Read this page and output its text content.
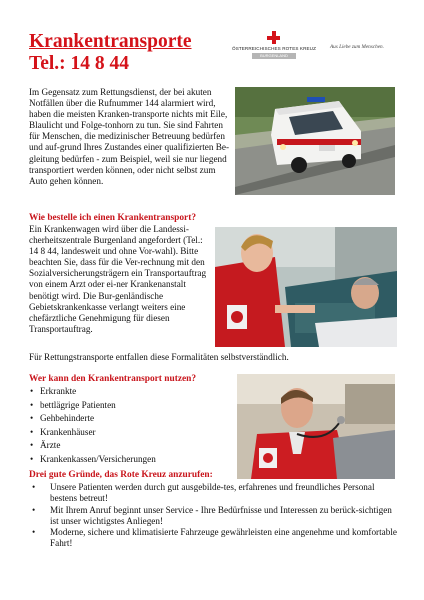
Krankentransporte
Tel.: 14 8 44
ÖSTERREICHISCHES ROTES KREUZ
BURGENLAND
Aus Liebe zum Menschen.

Im Gegensatz zum Rettungsdienst, der bei akuten Notfällen über die Rufnummer 144 alarmiert wird, haben die meisten Kranken-transporte nichts mit Eile, Blaulicht und Folge-tonhorn zu tun. Sie sind Fahrten für Menschen, die medizinischer Betreuung bedürfen und auf-grund Ihres Zustandes einer qualifizierten Be-gleitung bedürfen - zum Beispiel, weil sie nur liegend transportiert werden können, oder nicht selbst zum Auto gehen können.

Wie bestelle ich einen Krankentransport?

Ein Krankenwagen wird über die Landessi-cherheitszentrale Burgenland angefordert (Tel.: 14 8 44, landesweit und ohne Vor-wahl). Bitte beachten Sie, dass für die Ver-rechnung mit den Sozialversicherungsträgern ein Transportauftrag von einem Arzt oder ei-ner Krankenanstalt benötigt wird. Die Bur-genländische Gebietskrankenkasse verlangt weiters eine chefärztliche Genehmigung für diesen Transportauftrag.

Für Rettungstransporte entfallen diese Formalitäten selbstverständlich.

Wer kann den Krankentransport nutzen?
• Erkrankte
• bettlägrige Patienten
• Gehbehinderte
• Krankenhäuser
• Ärzte
• Krankenkassen/Versicherungen
Drei gute Gründe, das Rote Kreuz anzurufen:
• Unsere Patienten werden durch gut ausgebilde-tes, erfahrenes und freundliches Personal bestens betreut!
• Mit Ihrem Anruf beginnt unser Service - Ihre Bedürfnisse und Interessen zu berück-sichtigen ist unser wichtigstes Anliegen!
• Moderne, sichere und klimatisierte Fahrzeuge gewährleisten eine angenehme und komfortable Fahrt!
